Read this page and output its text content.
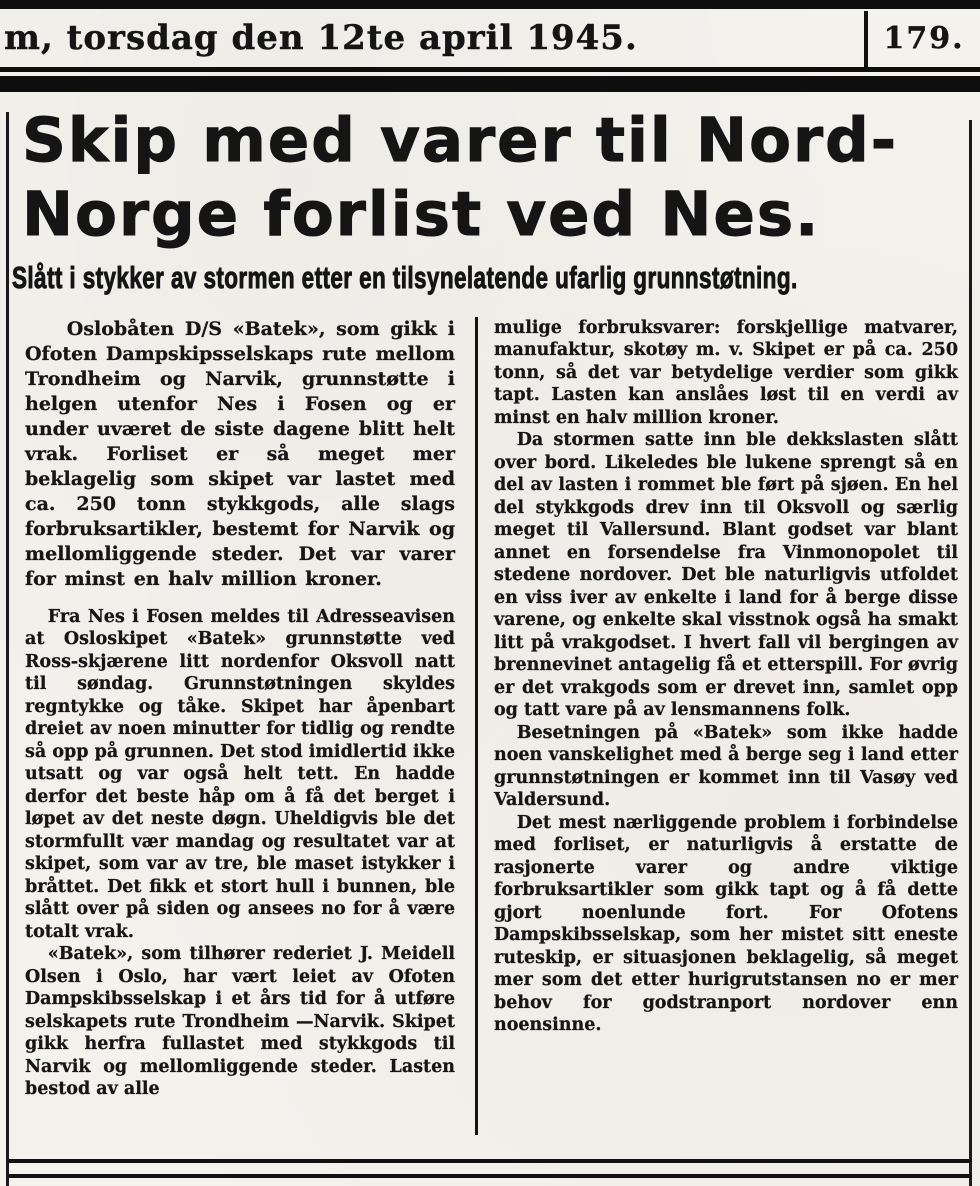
m, torsdag den 12te april 1945.	179.
Skip med varer til Nord-
Norge forlist ved Nes.
Slått i stykker av stormen etter en tilsynelatende ufarlig grunnstøtning.

Oslobåten D/S «Batek», som gikk i Ofoten Dampskipsselskaps rute mellom Trondheim og Narvik, grunnstøtte i helgen utenfor Nes i Fosen og er under uværet de siste dagene blitt helt vrak. Forliset er så meget mer beklagelig som skipet var lastet med ca. 250 tonn stykkgods, alle slags forbruksartikler, bestemt for Narvik og mellomliggende steder. Det var varer for minst en halv million kroner.

Fra Nes i Fosen meldes til Adresseavisen at Osloskipet «Batek» grunnstøtte ved Ross-skjærene litt nordenfor Oksvoll natt til søndag. Grunnstøtningen skyldes regntykke og tåke. Skipet har åpenbart dreiet av noen minutter for tidlig og rendte så opp på grunnen. Det stod imidlertid ikke utsatt og var også helt tett. En hadde derfor det beste håp om å få det berget i løpet av det neste døgn. Uheldigvis ble det stormfullt vær mandag og resultatet var at skipet, som var av tre, ble maset istykker i bråttet. Det fikk et stort hull i bunnen, ble slått over på siden og ansees no for å være totalt vrak.

«Batek», som tilhører rederiet J. Meidell Olsen i Oslo, har vært leiet av Ofoten Dampskibsselskap i et års tid for å utføre selskapets rute Trondheim —Narvik. Skipet gikk herfra fullastet med stykkgods til Narvik og mellomliggende steder. Lasten bestod av alle

mulige forbruksvarer: forskjellige matvarer, manufaktur, skotøy m. v. Skipet er på ca. 250 tonn, så det var betydelige verdier som gikk tapt. Lasten kan anslåes løst til en verdi av minst en halv million kroner.

Da stormen satte inn ble dekkslasten slått over bord. Likeledes ble lukene sprengt så en del av lasten i rommet ble ført på sjøen. En hel del stykkgods drev inn til Oksvoll og særlig meget til Vallersund. Blant godset var blant annet en forsendelse fra Vinmonopolet til stedene nordover. Det ble naturligvis utfoldet en viss iver av enkelte i land for å berge disse varene, og enkelte skal visstnok også ha smakt litt på vrakgodset. I hvert fall vil bergingen av brennevinet antagelig få et etterspill. For øvrig er det vrakgods som er drevet inn, samlet opp og tatt vare på av lensmannens folk.

Besetningen på «Batek» som ikke hadde noen vanskelighet med å berge seg i land etter grunnstøtningen er kommet inn til Vasøy ved Valdersund.

Det mest nærliggende problem i forbindelse med forliset, er naturligvis å erstatte de rasjonerte varer og andre viktige forbruksartikler som gikk tapt og å få dette gjort noenlunde fort. For Ofotens Dampskibsselskap, som her mistet sitt eneste ruteskip, er situasjonen beklagelig, så meget mer som det etter hurigrutstansen no er mer behov for godstranport nordover enn noensinne.
